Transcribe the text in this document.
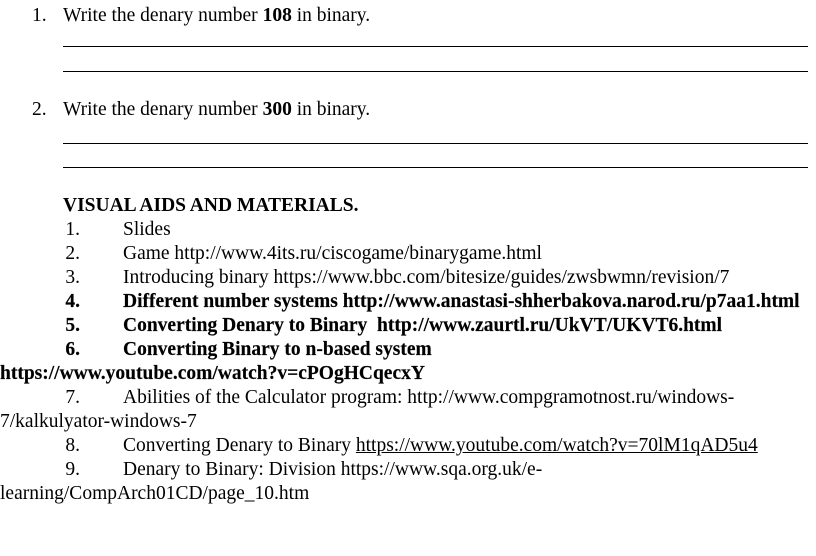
1. Write the denary number 108 in binary.
2. Write the denary number 300 in binary.
VISUAL AIDS AND MATERIALS.
1. Slides
2. Game http://www.4its.ru/ciscogame/binarygame.html
3. Introducing binary https://www.bbc.com/bitesize/guides/zwsbwmn/revision/7
4. Different number systems http://www.anastasi-shherbakova.narod.ru/p7aa1.html
5. Converting Denary to Binary  http://www.zaurtl.ru/UkVT/UKVT6.html
6. Converting Binary to n-based system
https://www.youtube.com/watch?v=cPOgHCqecxY
7. Abilities of the Calculator program: http://www.compgramotnost.ru/windows-
7/kalkulyator-windows-7
8. Converting Denary to Binary https://www.youtube.com/watch?v=70lM1qAD5u4
9. Denary to Binary: Division https://www.sqa.org.uk/e-
learning/CompArch01CD/page_10.htm
